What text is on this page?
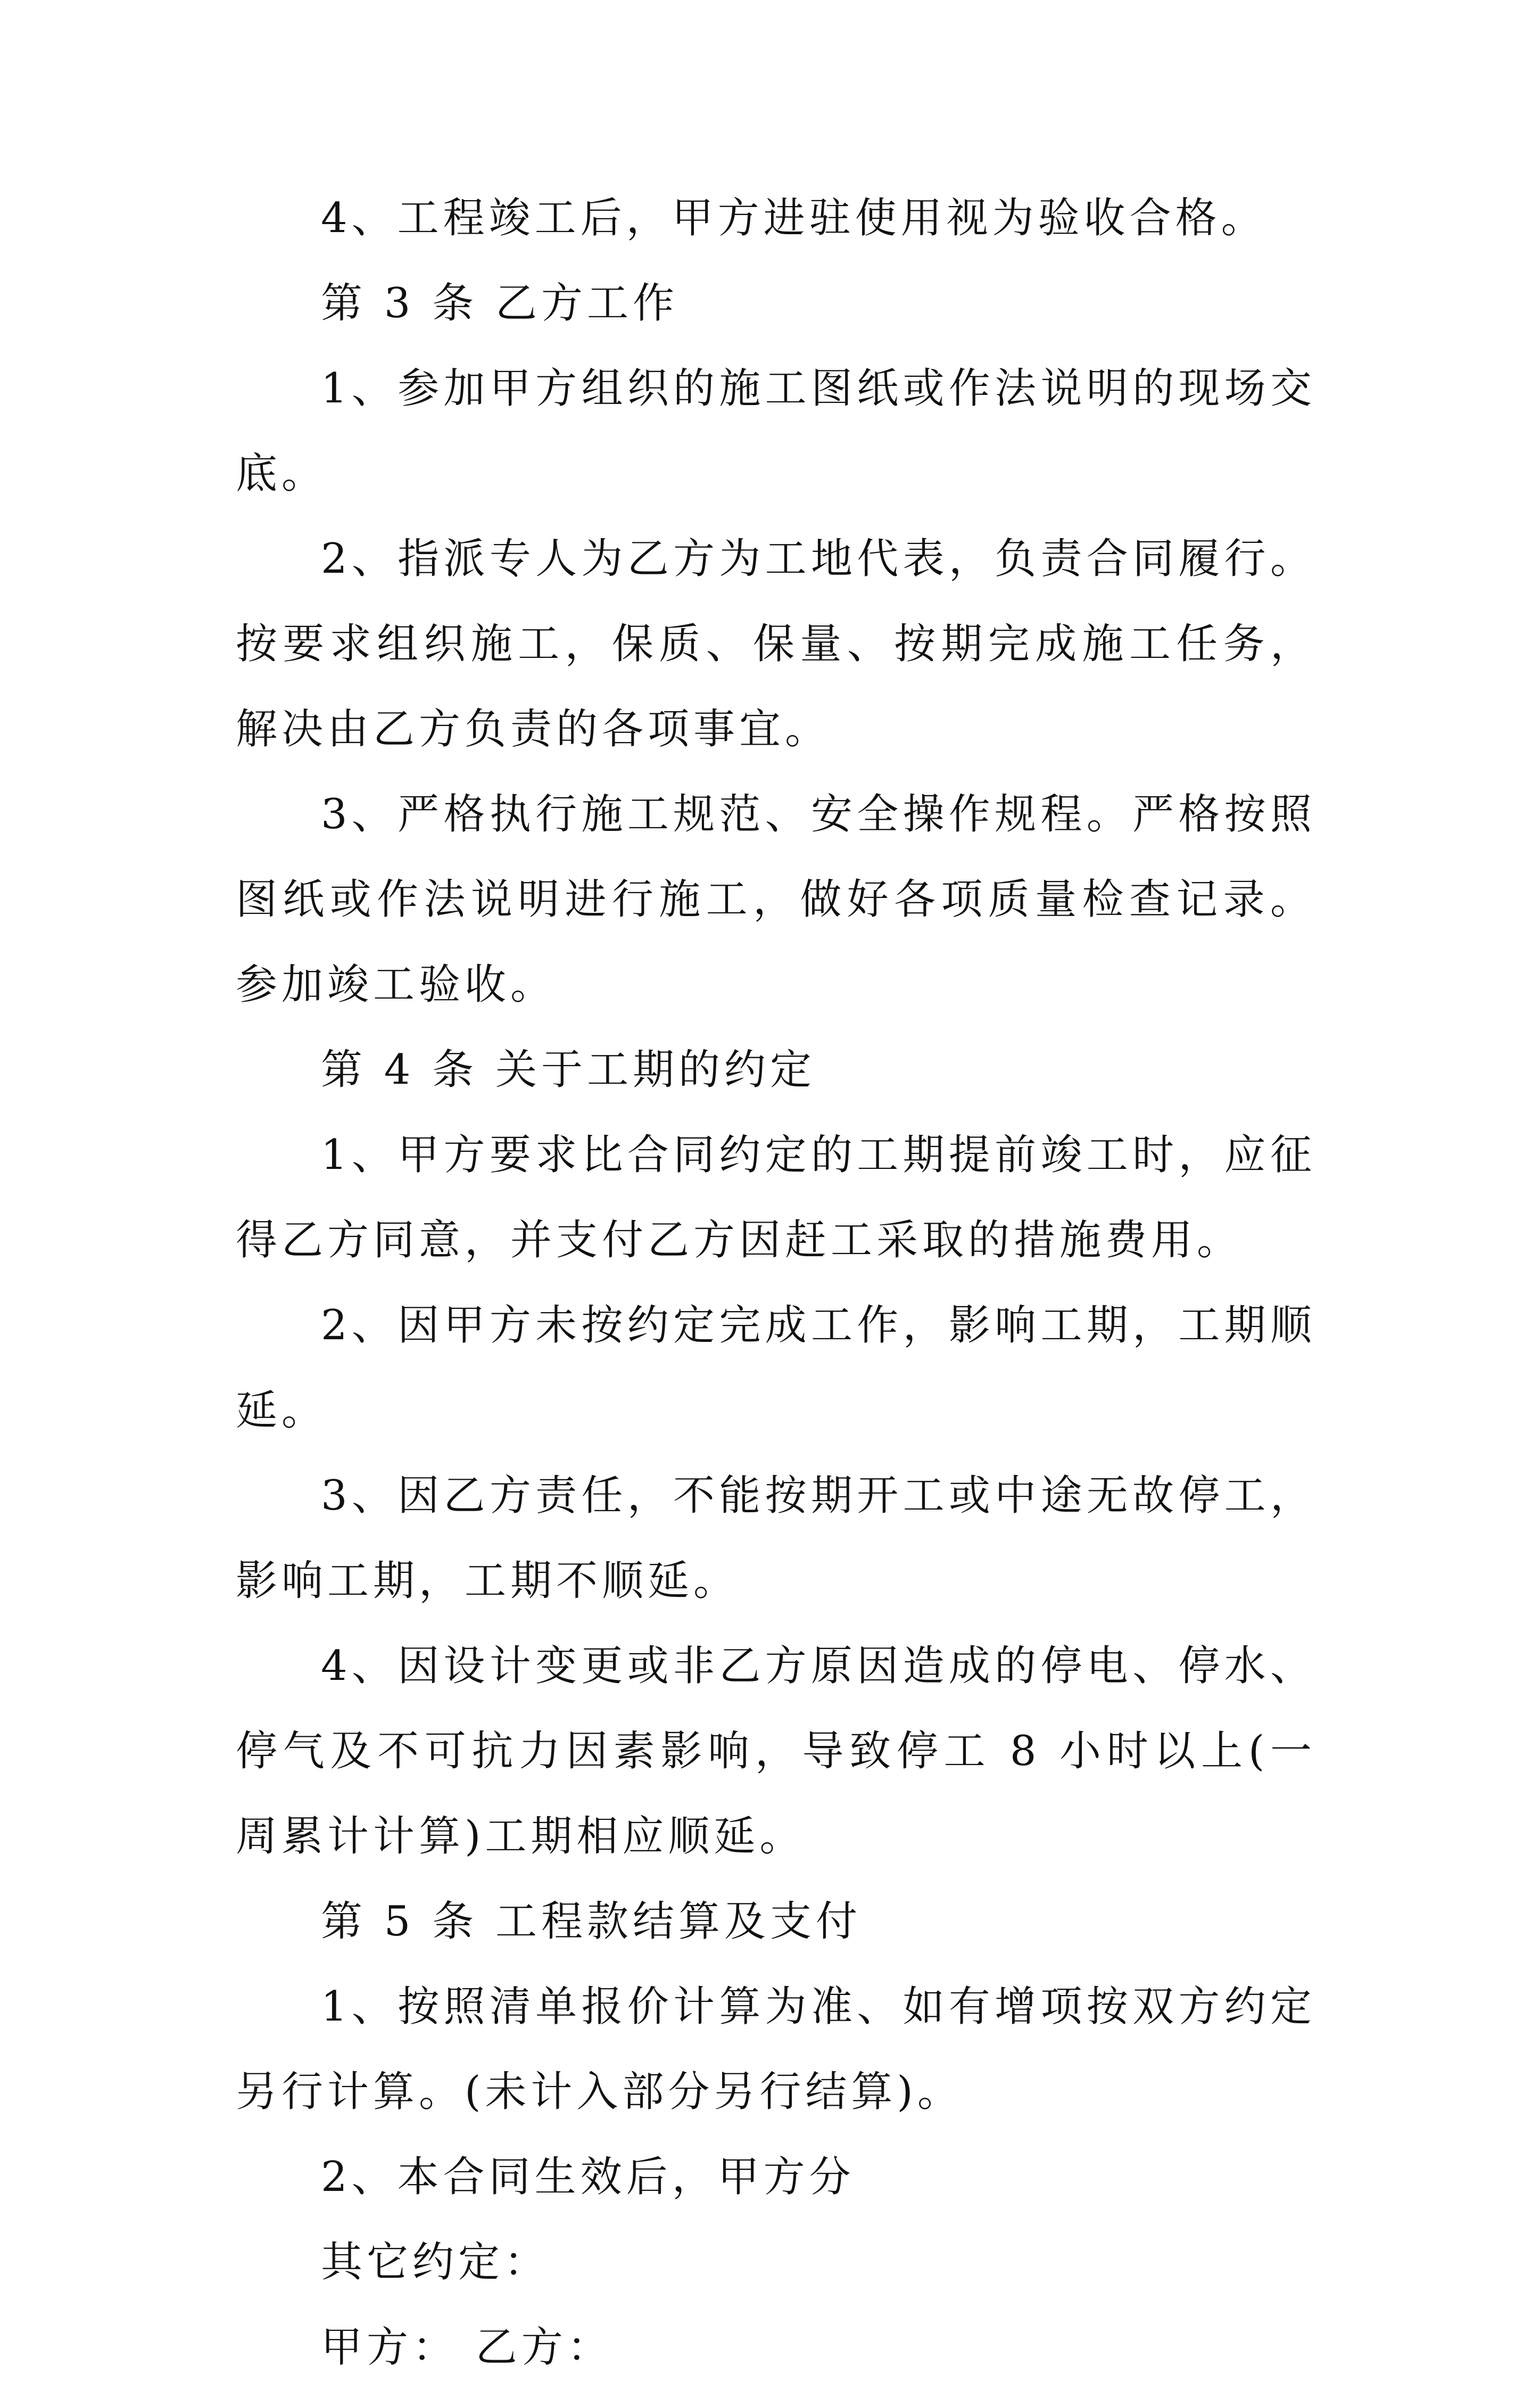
4、工程竣工后，甲方进驻使用视为验收合格。

第 3 条 乙方工作

1、参加甲方组织的施工图纸或作法说明的现场交底。

2、指派专人为乙方为工地代表，负责合同履行。按要求组织施工，保质、保量、按期完成施工任务，解决由乙方负责的各项事宜。

3、严格执行施工规范、安全操作规程。严格按照图纸或作法说明进行施工，做好各项质量检查记录。参加竣工验收。

第 4 条 关于工期的约定

1、甲方要求比合同约定的工期提前竣工时，应征得乙方同意，并支付乙方因赶工采取的措施费用。

2、因甲方未按约定完成工作，影响工期，工期顺延。

3、因乙方责任，不能按期开工或中途无故停工，影响工期，工期不顺延。

4、因设计变更或非乙方原因造成的停电、停水、停气及不可抗力因素影响，导致停工 8 小时以上(一周累计计算)工期相应顺延。

第 5 条 工程款结算及支付

1、按照清单报价计算为准、如有增项按双方约定另行计算。(未计入部分另行结算)。

2、本合同生效后，甲方分

其它约定：

甲方： 乙方：
